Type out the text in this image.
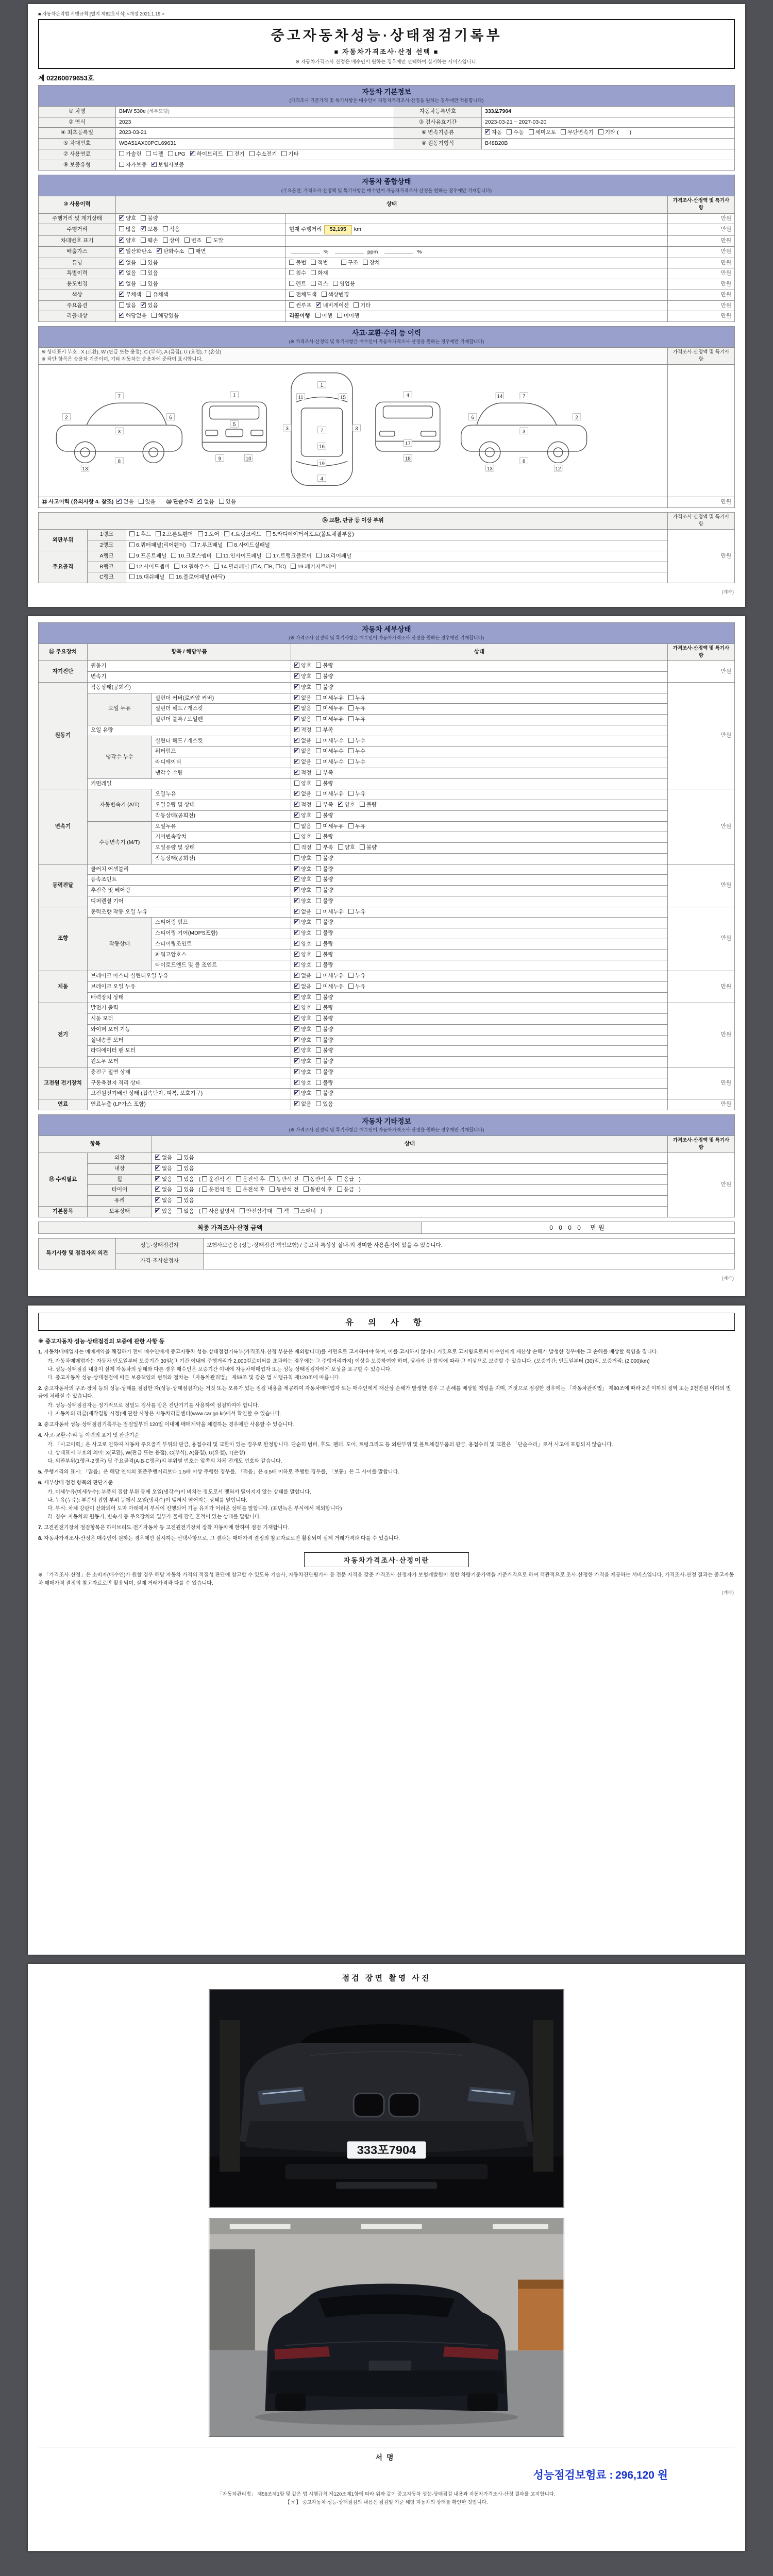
■ 자동차관리법 시행규칙 [별지 제82호서식] <개정 2021.1.19.>
중고자동차성능·상태점검기록부
■ 자동차가격조사·산정 선택 ■
※ 자동차가격조사·산정은 매수인이 원하는 경우에만 선택하여 실시하는 서비스입니다.
제 02260079653호
자동차 기본정보
(가격조사 기준가격 및 특기사항은 매수인이 자동차가격조사·산정을 원하는 경우에만 적용합니다)			

① 차명	BMW 530e (세부모델)	자동차등록번호	333포7904
② 연식	2023	③ 검사유효기간	2023-03-21 ~ 2027-03-20
④ 최초등록일	2023-03-21	⑥ 변속기종류	✔자동 수동 세미오토 무단변속기 기타 (　　)
⑤ 차대번호	WBA51AX00PCL69631	⑧ 원동기형식	B48B20B
⑦ 사용연료	가솔린 디젤 LPG ✔ 하이브리드 전기 수소전기 기타
⑨ 보증유형	자가보증 ✔ 보험사보증
자동차 종합상태
(주요옵션, 가격조사·산정액 및 특기사항은 매수인이 자동차가격조사·산정을 원하는 경우에만 기재합니다)			

⑩ 사용이력	상태		가격조사·산정액 및 특기사항
주행거리 및 계기상태	✔양호 불량		만원
주행거리	많음 ✔ 보통 적음	현재 주행거리 52,195 km	만원
차대번호 표기	✔양호 훼손 상이 변조 도말		만원
배출가스	✔일산화탄소 ✔ 탄화수소 매연	% ppm %	만원
튜닝	✔없음 있음	불법 적법 구조 장치	만원
특별이력	✔없음 있음	침수 화재	만원
용도변경	✔없음 있음	렌트 리스 영업용	만원
색상	✔무채색 유채색	전체도색 색상변경	만원
주요옵션	없음 ✔ 있음	썬루프 ✔ 네비게이션 기타	만원
리콜대상	✔해당없음 해당있음	리콜이행 이행 미이행	만원
사고·교환·수리 등 이력
(※ 가격조사·산정액 및 특기사항은 매수인이 자동차가격조사·산정을 원하는 경우에만 기재합니다)	

※ 상태표시 부호 : X (교환), W (판금 또는 용접), C (부식), A (흠집), U (요철), T (손상)
※ 하단 항목은 승용차 기준이며, 기타 자동차는 승용차에 준하여 표시합니다.	가격조사·산정액 및 특기사항

2
7
3
8
13
6
1
5
9	10
1
11	15
7
3	3
16
19
4
4
17
18
14
6
7
3
8
13	12
2

⑫ 사고이력 (유의사항 4. 참조) ✔ 없음 있음 ⑬ 단순수리 ✔ 없음 있음	만원
⑭ 교환, 판금 등 이상 부위			가격조사·산정액 및 특기사항
외판부위	1랭크	1.후드 2.프론트휀더 3.도어 4.트렁크리드 5.라디에이터서포트(볼트체결부품)	만원
	2랭크	6.쿼터패널(리어휀더) 7.루프패널 8.사이드실패널	
주요골격	A랭크	9.프론트패널 10.크로스멤버 11.인사이드패널 17.트렁크플로어 18.리어패널	
	B랭크	12.사이드멤버 13.휠하우스 14.필러패널 (☐A, ☐B, ☐C) 19.패키지트레이	
	C랭크	15.대쉬패널 16.플로어패널 (바닥)	
(계속)
자동차 세부상태
(※ 가격조사·산정액 및 특기사항은 매수인이 자동차가격조사·산정을 원하는 경우에만 기재합니다)				

⑮ 주요장치	항목 / 해당부품		상태	가격조사·산정액 및 특기사항
자기진단	원동기	✔양호 불량	만원
	변속기	✔양호 불량
원동기	작동상태(공회전)	✔양호 불량	만원
	오일 누유	실린더 커버(로커암 커버)	✔없음 미세누유 누유
		실린더 헤드 / 개스킷	✔없음 미세누유 누유
		실린더 블록 / 오일팬	✔없음 미세누유 누유
	오일 유량	✔적정 부족
	냉각수 누수	실린더 헤드 / 개스킷	✔없음 미세누수 누수
		워터펌프	✔없음 미세누수 누수
		라디에이터	✔없음 미세누수 누수
		냉각수 수량	✔적정 부족
	커먼레일		양호 불량	
변속기	자동변속기 (A/T)	오일누유	✔없음 미세누유 누유	만원
		오일유량 및 상태	✔적정 부족 ✔ 양호 불량
		작동상태(공회전)	✔양호 불량
	수동변속기 (M/T)	오일누유	없음 미세누유 누유	
		기어변속장치	양호 불량	
		오일유량 및 상태	적정 부족 양호 불량	
		작동상태(공회전)	양호 불량	
동력전달	클러치 어셈블리	✔양호 불량	만원
	등속조인트	✔양호 불량
	추진축 및 베어링	✔양호 불량
	디퍼렌셜 기어	✔양호 불량
조향	동력조향 작동 오일 누유	✔없음 미세누유 누유	만원
	작동상태	스티어링 펌프	✔양호 불량
		스티어링 기어(MDPS포함)	✔양호 불량
		스티어링조인트	✔양호 불량
		파워고압호스	✔양호 불량
		타이로드엔드 및 볼 조인트	✔양호 불량
제동	브레이크 마스터 실린더오일 누유	✔없음 미세누유 누유	만원
	브레이크 오일 누유	✔없음 미세누유 누유
	배력장치 상태	✔양호 불량
전기	발전기 출력	✔양호 불량	만원
	시동 모터	✔양호 불량
	와이퍼 모터 기능	✔양호 불량
	실내송풍 모터	✔양호 불량
	라디에이터 팬 모터	✔양호 불량
	윈도우 모터	✔양호 불량
고전원 전기장치	충전구 절연 상태	✔양호 불량	만원
	구동축전지 격리 상태	✔양호 불량
	고전원전기배선 상태 (접속단자, 피복, 보호기구)	✔양호 불량
연료	연료누출 (LP가스 포함)	✔없음 있음	만원
자동차 기타정보
(※ 가격조사·산정액 및 특기사항은 매수인이 자동차가격조사·산정을 원하는 경우에만 기재합니다)			

항목		상태	가격조사·산정액 및 특기사항
⑯ 수리필요	외장	✔없음 있음	만원
	내장	✔없음 있음
	휠	✔없음 있음 ( 운전석 전 운전석 후 동반석 전 동반석 후 응급 )
	타이어	✔없음 있음 ( 운전석 전 운전석 후 동반석 전 동반석 후 응급 )
	유리	✔없음 있음
기본품목	보유상태	✔있음 없음 ( 사용설명서 안전삼각대 잭 스패너 )
최종 가격조사·산정 금액	0 0 0 0  만원
특기사항 및 점검자의 의견	성능·상태점검자	보험사보증용 (성능·상태점검 책임보험) / 중고차 특성상 실내·외 경미한 사용흔적이 있을 수 있습니다.
	가격·조사산정자	
(계속)
유 의 사 항
※ 중고자동차 성능·상태점검의 보증에 관한 사항 등
1. 자동차매매업자는 매매계약을 체결하기 전에 매수인에게 중고자동차 성능·상태점검기록부(가격조사·산정 부분은 제외합니다)를 서면으로 고지하여야 하며, 이를 고지하지 않거나 거짓으로 고지함으로써 매수인에게 재산상 손해가 발생한 경우에는 그 손해를 배상할 책임을 집니다.
가. 자동차매매업자는 자동차 인도일부터 보증기간 30일(그 기간 이내에 주행거리가 2,000킬로미터를 초과하는 경우에는 그 주행거리까지) 이상을 보증하여야 하며, 당사자 간 합의에 따라 그 이상으로 보증할 수 있습니다. (보증기간: 인도일부터 (30)일, 보증거리: (2,000)km)
나. 성능·상태점검 내용이 실제 자동차의 상태와 다른 경우 매수인은 보증기간 이내에 자동차매매업자 또는 성능·상태점검자에게 보상을 요구할 수 있습니다.
다. 중고자동차 성능·상태점검에 따른 보증책임의 범위와 절차는 「자동차관리법」 제58조 및 같은 법 시행규칙 제120조에 따릅니다.
2. 중고자동차의 구조·장치 등의 성능·상태를 점검한 자(성능·상태점검자)는 거짓 또는 오류가 있는 점검 내용을 제공하여 자동차매매업자 또는 매수인에게 재산상 손해가 발생한 경우 그 손해를 배상할 책임을 지며, 거짓으로 점검한 경우에는 「자동차관리법」 제80조에 따라 2년 이하의 징역 또는 2천만원 이하의 벌금에 처해질 수 있습니다.
가. 성능·상태점검자는 정기적으로 정밀도 검사를 받은 진단기기를 사용하여 점검하여야 합니다.
나. 자동차의 리콜(제작결함 시정)에 관한 사항은 자동차리콜센터(www.car.go.kr)에서 확인할 수 있습니다.
3. 중고자동차 성능·상태점검기록부는 점검일부터 120일 이내에 매매계약을 체결하는 경우에만 사용할 수 있습니다.
4. 사고·교환·수리 등 이력의 표기 및 판단기준
가. 「사고이력」은 사고로 인하여 자동차 주요골격 부위의 판금, 용접수리 및 교환이 있는 경우로 한정합니다. 단순히 범퍼, 후드, 펜더, 도어, 트렁크리드 등 외판부위 및 볼트체결부품의 판금, 용접수리 및 교환은 「단순수리」로서 사고에 포함되지 않습니다.
나. 상태표시 부호의 의미: X(교환), W(판금 또는 용접), C(부식), A(흠집), U(요철), T(손상)
다. 외판부위(1랭크·2랭크) 및 주요골격(A·B·C랭크)의 부위별 번호는 앞쪽의 차체 전개도 번호와 같습니다.
5. 주행거리의 표시: 「많음」은 해당 연식의 표준주행거리보다 1.5배 이상 주행한 경우를, 「적음」은 0.5배 이하로 주행한 경우를, 「보통」은 그 사이를 말합니다.
6. 세부상태 점검 항목의 판단기준
가. 미세누유(미세누수): 부품의 접합 부위 등에 오일(냉각수)이 비치는 정도로서 맺혀서 떨어지지 않는 상태를 말합니다.
나. 누유(누수): 부품의 접합 부위 등에서 오일(냉각수)이 맺혀서 떨어지는 상태를 말합니다.
다. 부식: 차체 강판이 산화되어 도막 아래에서 부식이 진행되어 기능 유지가 어려운 상태를 말합니다. (표면녹은 부식에서 제외합니다)
라. 침수: 자동차의 원동기, 변속기 등 주요장치의 일부가 물에 잠긴 흔적이 있는 상태를 말합니다.
7. 고전원전기장치 점검항목은 하이브리드·전기자동차 등 고전원전기장치 장착 자동차에 한하여 점검·기재합니다.
8. 자동차가격조사·산정은 매수인이 원하는 경우에만 실시하는 선택사항으로, 그 결과는 매매가격 결정의 참고자료로만 활용되며 실제 거래가격과 다를 수 있습니다.
자동차가격조사·산정이란
※ 「가격조사·산정」은 소비자(매수인)가 원할 경우 해당 자동차 가격의 적절성 판단에 참고할 수 있도록 기술사, 자동차진단평가사 등 전문 자격을 갖춘 가격조사·산정자가 보험개발원이 정한 차량기준가액을 기준가격으로 하여 객관적으로 조사·산정한 가격을 제공하는 서비스입니다. 가격조사·산정 결과는 중고자동차 매매가격 결정의 참고자료로만 활용되며, 실제 거래가격과 다를 수 있습니다.
(계속)
점검 장면 촬영 사진
333포7904
서명
성능점검보험료 : 296,120 원
「자동차관리법」 제58조제1항 및 같은 법 시행규칙 제120조제1항에 따라 위와 같이 중고자동차 성능·상태점검 내용과 자동차가격조사·산정 결과를 고지합니다.
【 Y 】 중고자동차 성능·상태점검의 내용은 점검일 기준 해당 자동차의 상태를 확인한 것입니다.
